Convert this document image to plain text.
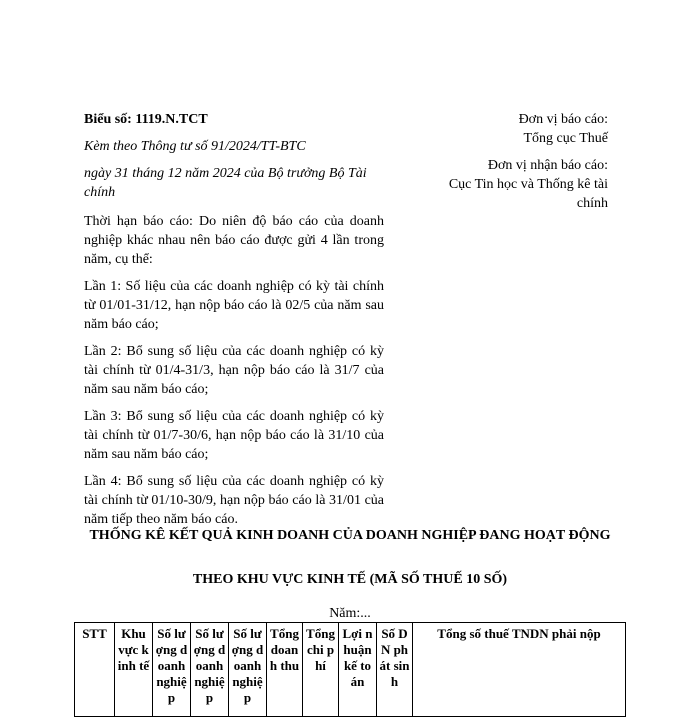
Biểu số: 1119.N.TCT

Kèm theo Thông tư số 91/2024/TT-BTC

ngày 31 tháng 12 năm 2024 của Bộ trưởng Bộ Tài chính

Thời hạn báo cáo: Do niên độ báo cáo của doanh nghiệp khác nhau nên báo cáo được gửi 4 lần trong năm, cụ thể:

Lần 1: Số liệu của các doanh nghiệp có kỳ tài chính từ 01/01-31/12, hạn nộp báo cáo là 02/5 của năm sau năm báo cáo;

Lần 2: Bổ sung số liệu của các doanh nghiệp có kỳ tài chính từ 01/4-31/3, hạn nộp báo cáo là 31/7 của năm sau năm báo cáo;

Lần 3: Bổ sung số liệu của các doanh nghiệp có kỳ tài chính từ 01/7-30/6, hạn nộp báo cáo là 31/10 của năm sau năm báo cáo;

Lần 4: Bổ sung số liệu của các doanh nghiệp có kỳ tài chính từ 01/10-30/9, hạn nộp báo cáo là 31/01 của năm tiếp theo năm báo cáo.

Đơn vị báo cáo:

Tổng cục Thuế

Đơn vị nhận báo cáo:

Cục Tin học và Thống kê tài chính

THỐNG KÊ KẾT QUẢ KINH DOANH CỦA DOANH NGHIỆP ĐANG HOẠT ĐỘNG
THEO KHU VỰC KINH TẾ (MÃ SỐ THUẾ 10 SỐ)
Năm:...
STT	Khu vực kinh tế	Số lượng doanh nghiệp	Số lượng doanh nghiệp	Số lượng doanh nghiệp	Tổng doanh thu	Tổng chi phí	Lợi nhuận kế toán	Số DN phát sinh	Tổng số thuế TNDN phải nộp
